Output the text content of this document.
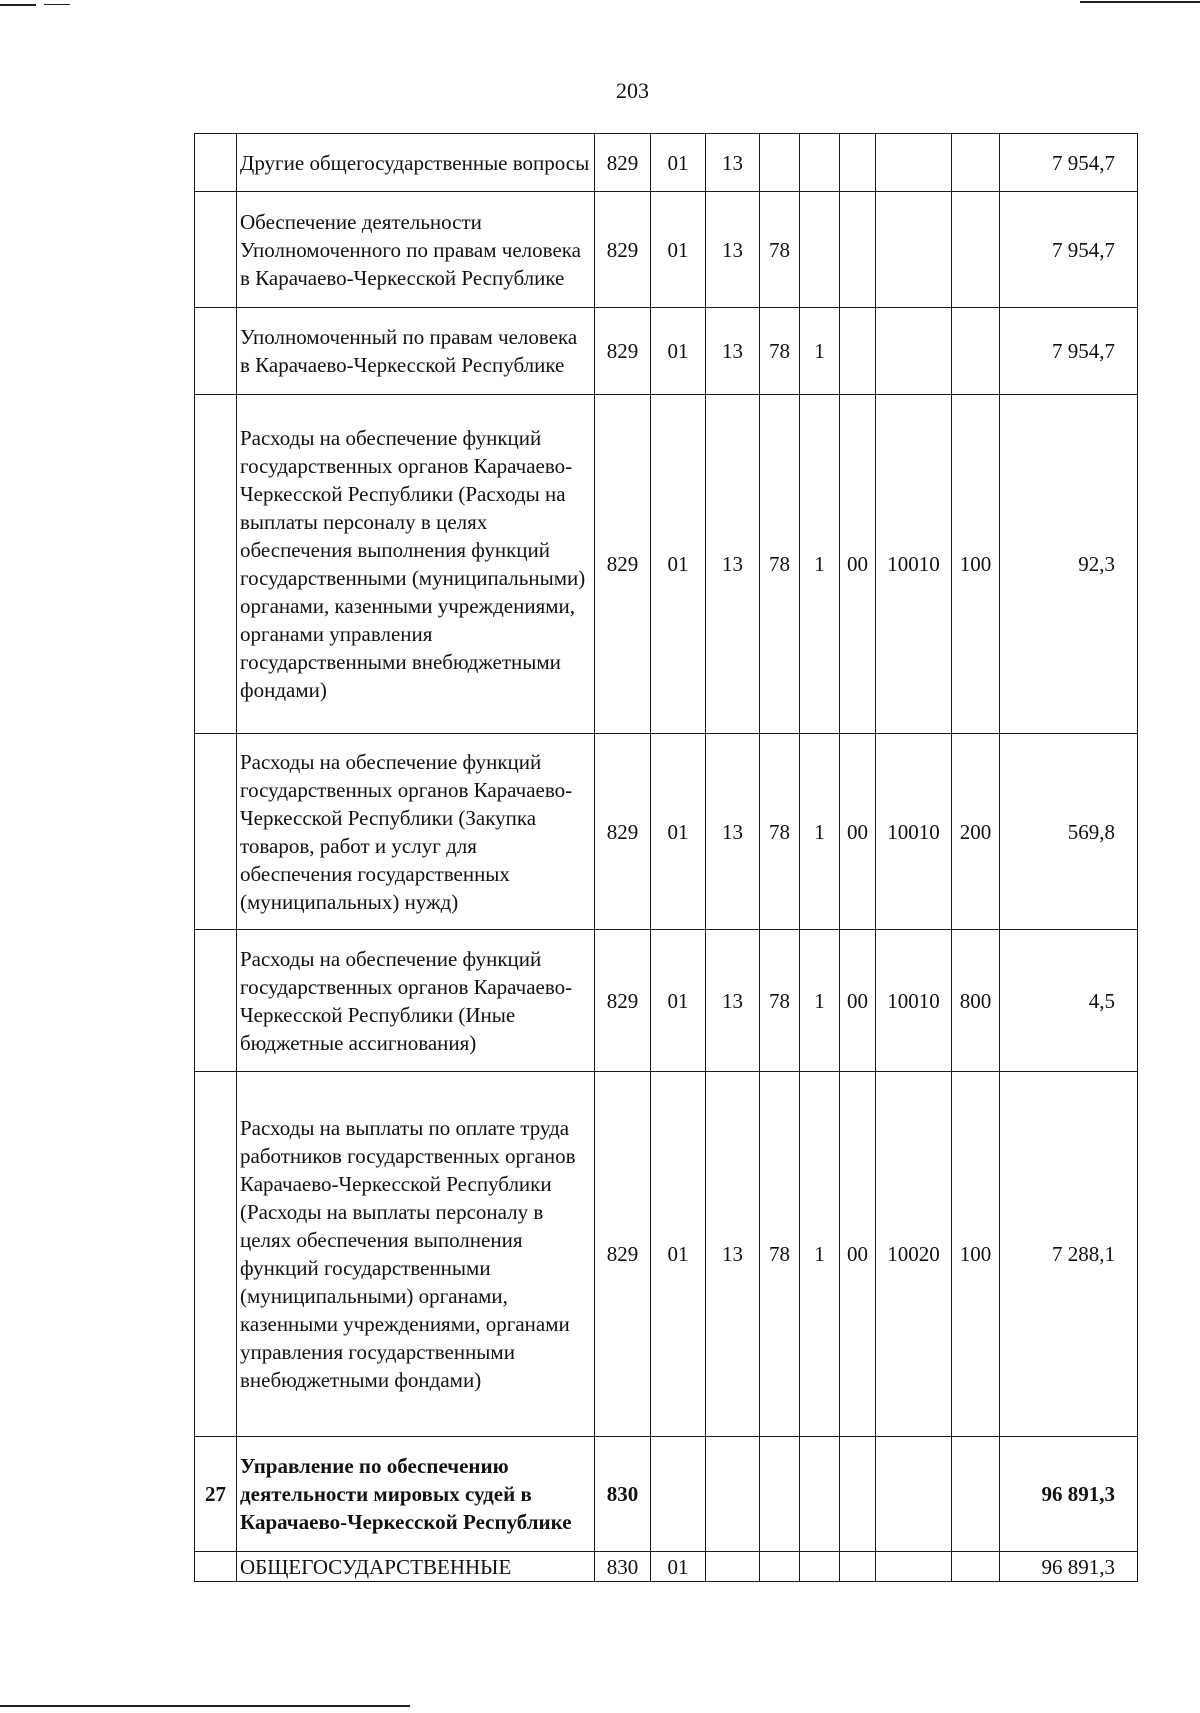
203
	Другие общегосударственные вопросы	829	01	13						7 954,7
	Обеспечение деятельности Уполномоченного по правам человека в Карачаево-Черкесской Республике	829	01	13	78					7 954,7
	Уполномоченный по правам человека в Карачаево-Черкесской Республике	829	01	13	78	1				7 954,7
	Расходы на обеспечение функций государственных органов Карачаево-Черкесской Республики (Расходы на выплаты персоналу в целях обеспечения выполнения функций государственными (муниципальными) органами, казенными учреждениями, органами управления государственными внебюджетными фондами)	829	01	13	78	1	00	10010	100	92,3
	Расходы на обеспечение функций государственных органов Карачаево-Черкесской Республики (Закупка товаров, работ и услуг для обеспечения государственных (муниципальных) нужд)	829	01	13	78	1	00	10010	200	569,8
	Расходы на обеспечение функций государственных органов Карачаево-Черкесской Республики (Иные бюджетные ассигнования)	829	01	13	78	1	00	10010	800	4,5
	Расходы на выплаты по оплате труда работников государственных органов Карачаево-Черкесской Республики (Расходы на выплаты персоналу в целях обеспечения выполнения функций государственными (муниципальными) органами, казенными учреждениями, органами управления государственными внебюджетными фондами)	829	01	13	78	1	00	10020	100	7 288,1
27	Управление по обеспечению деятельности мировых судей в Карачаево-Черкесской Республике	830								96 891,3
	ОБЩЕГОСУДАРСТВЕННЫЕ	830	01							96 891,3
